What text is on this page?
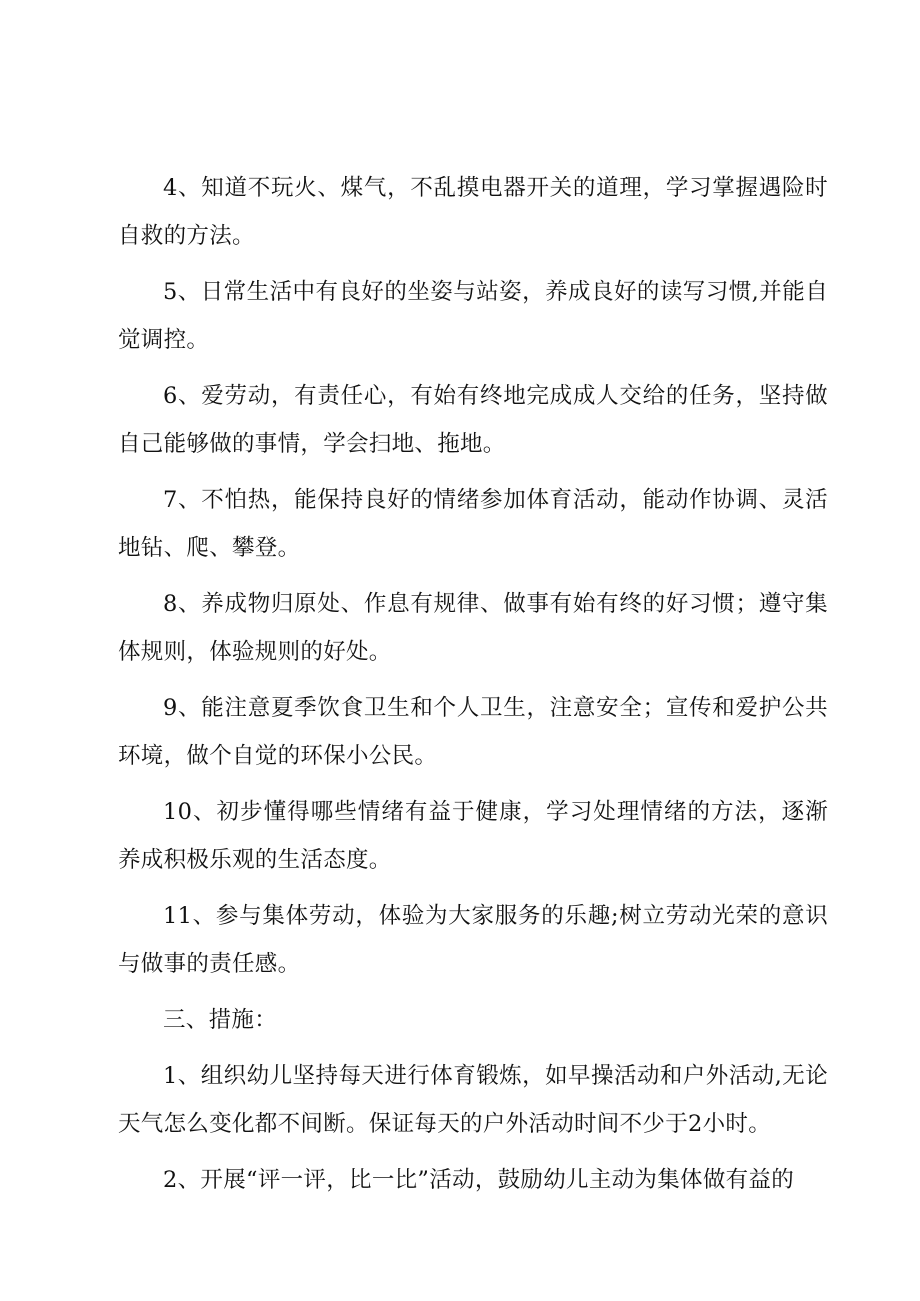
4、知道不玩火、煤气，不乱摸电器开关的道理，学习掌握遇险时自救的方法。

5、日常生活中有良好的坐姿与站姿，养成良好的读写习惯,并能自觉调控。

6、爱劳动，有责任心，有始有终地完成成人交给的任务，坚持做自己能够做的事情，学会扫地、拖地。

7、不怕热，能保持良好的情绪参加体育活动，能动作协调、灵活地钻、爬、攀登。

8、养成物归原处、作息有规律、做事有始有终的好习惯；遵守集体规则，体验规则的好处。

9、能注意夏季饮食卫生和个人卫生，注意安全；宣传和爱护公共环境，做个自觉的环保小公民。

10、初步懂得哪些情绪有益于健康，学习处理情绪的方法，逐渐养成积极乐观的生活态度。

11、参与集体劳动，体验为大家服务的乐趣;树立劳动光荣的意识与做事的责任感。

三、措施：

1、组织幼儿坚持每天进行体育锻炼，如早操活动和户外活动,无论天气怎么变化都不间断。保证每天的户外活动时间不少于2小时。

2、开展“评一评，比一比”活动，鼓励幼儿主动为集体做有益的
